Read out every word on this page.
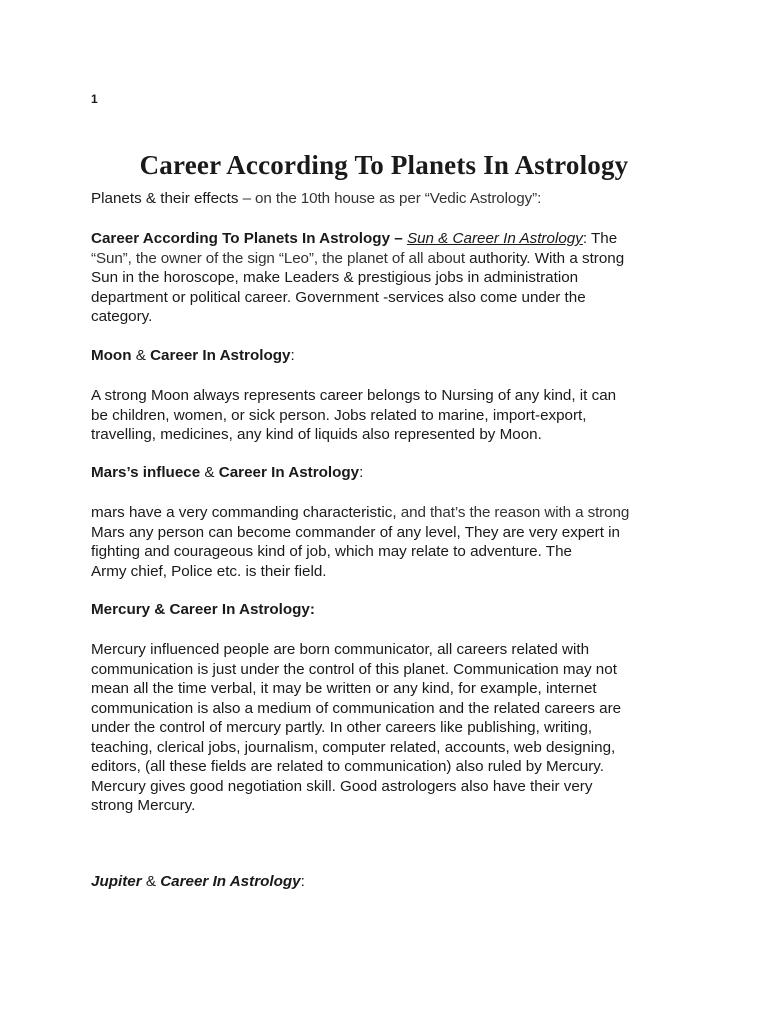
1
Career According To Planets In Astrology
Planets & their effects – on the 10th house as per “Vedic Astrology”:
Career According To Planets In Astrology – Sun & Career In Astrology: The
“Sun”, the owner of the sign “Leo”, the planet of all about authority. With a strong
Sun in the horoscope, make Leaders & prestigious jobs in administration
department or political career. Government -services also come under the
category.
Moon & Career In Astrology:
A strong Moon always represents career belongs to Nursing of any kind, it can
be children, women, or sick person. Jobs related to marine, import-export,
travelling, medicines, any kind of liquids also represented by Moon.
Mars’s influece & Career In Astrology:
mars have a very commanding characteristic, and that’s the reason with a strong
Mars any person can become commander of any level, They are very expert in
fighting and courageous kind of job, which may relate to adventure. The
Army chief, Police etc. is their field.
Mercury & Career In Astrology:
Mercury influenced people are born communicator, all careers related with
communication is just under the control of this planet. Communication may not
mean all the time verbal, it may be written or any kind, for example, internet
communication is also a medium of communication and the related careers are
under the control of mercury partly. In other careers like publishing, writing,
teaching, clerical jobs, journalism, computer related, accounts, web designing,
editors, (all these fields are related to communication) also ruled by Mercury.
Mercury gives good negotiation skill. Good astrologers also have their very
strong Mercury.
Jupiter & Career In Astrology:
